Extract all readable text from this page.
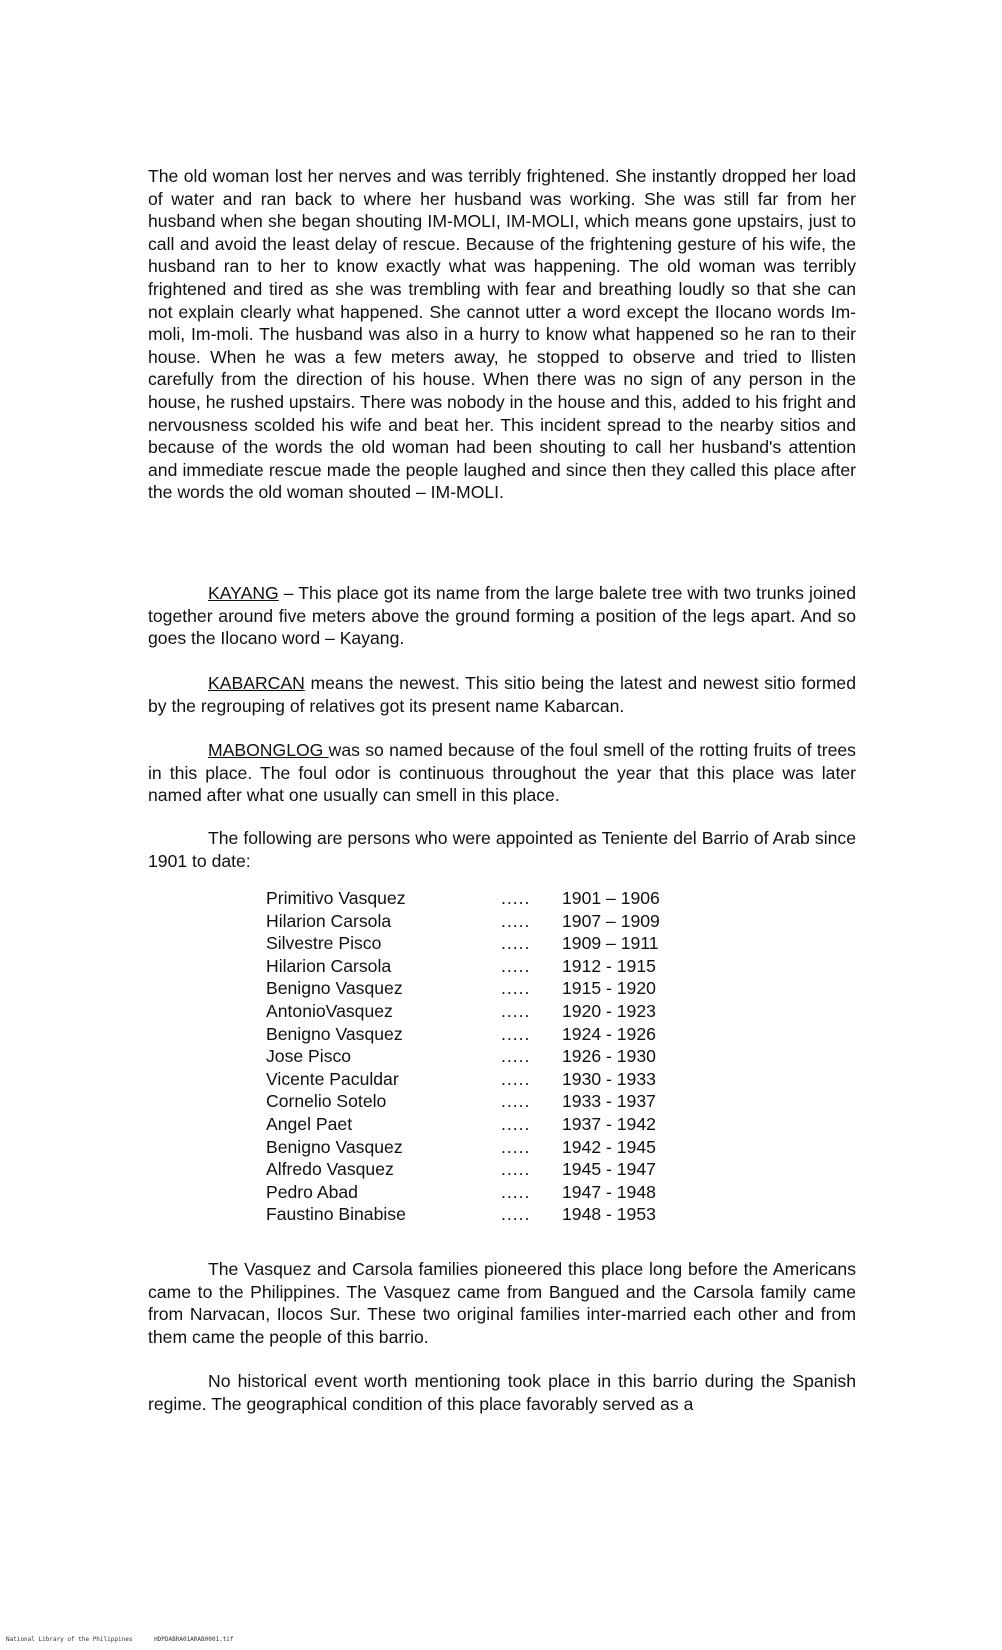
The old woman lost her nerves and was terribly frightened. She instantly dropped her load of water and ran back to where her husband was working. She was still far from her husband when she began shouting IM-MOLI, IM-MOLI, which means gone upstairs, just to call and avoid the least delay of rescue. Because of the frightening gesture of his wife, the husband ran to her to know exactly what was happening. The old woman was terribly frightened and tired as she was trembling with fear and breathing loudly so that she can not explain clearly what happened. She cannot utter a word except the Ilocano words Im-moli, Im-moli. The husband was also in a hurry to know what happened so he ran to their house. When he was a few meters away, he stopped to observe and tried to llisten carefully from the direction of his house. When there was no sign of any person in the house, he rushed upstairs. There was nobody in the house and this, added to his fright and nervousness scolded his wife and beat her. This incident spread to the nearby sitios and because of the words the old woman had been shouting to call her husband's attention and immediate rescue made the people laughed and since then they called this place after the words the old woman shouted – IM-MOLI.

KAYANG – This place got its name from the large balete tree with two trunks joined together around five meters above the ground forming a position of the legs apart. And so goes the Ilocano word – Kayang.

KABARCAN means the newest. This sitio being the latest and newest sitio formed by the regrouping of relatives got its present name Kabarcan.

MABONGLOG was so named because of the foul smell of the rotting fruits of trees in this place. The foul odor is continuous throughout the year that this place was later named after what one usually can smell in this place.

The following are persons who were appointed as Teniente del Barrio of Arab since 1901 to date:

Primitivo Vasquez	..... 1901 – 1906
Hilarion Carsola	..... 1907 – 1909
Silvestre Pisco	..... 1909 – 1911
Hilarion Carsola	..... 1912 - 1915
Benigno Vasquez	..... 1915 - 1920
AntonioVasquez	..... 1920 - 1923
Benigno Vasquez	..... 1924 - 1926
Jose Pisco	..... 1926 - 1930
Vicente Paculdar	..... 1930 - 1933
Cornelio Sotelo	..... 1933 - 1937
Angel Paet	..... 1937 - 1942
Benigno Vasquez	..... 1942 - 1945
Alfredo Vasquez	..... 1945 - 1947
Pedro Abad	..... 1947 - 1948
Faustino Binabise	..... 1948 - 1953

The Vasquez and Carsola families pioneered this place long before the Americans came to the Philippines. The Vasquez came from Bangued and the Carsola family came from Narvacan, Ilocos Sur. These two original families inter-married each other and from them came the people of this barrio.

No historical event worth mentioning took place in this barrio during the Spanish regime. The geographical condition of this place favorably served as a

National Library of the Philippines	HDPDABRA01ARAB0001.tif
